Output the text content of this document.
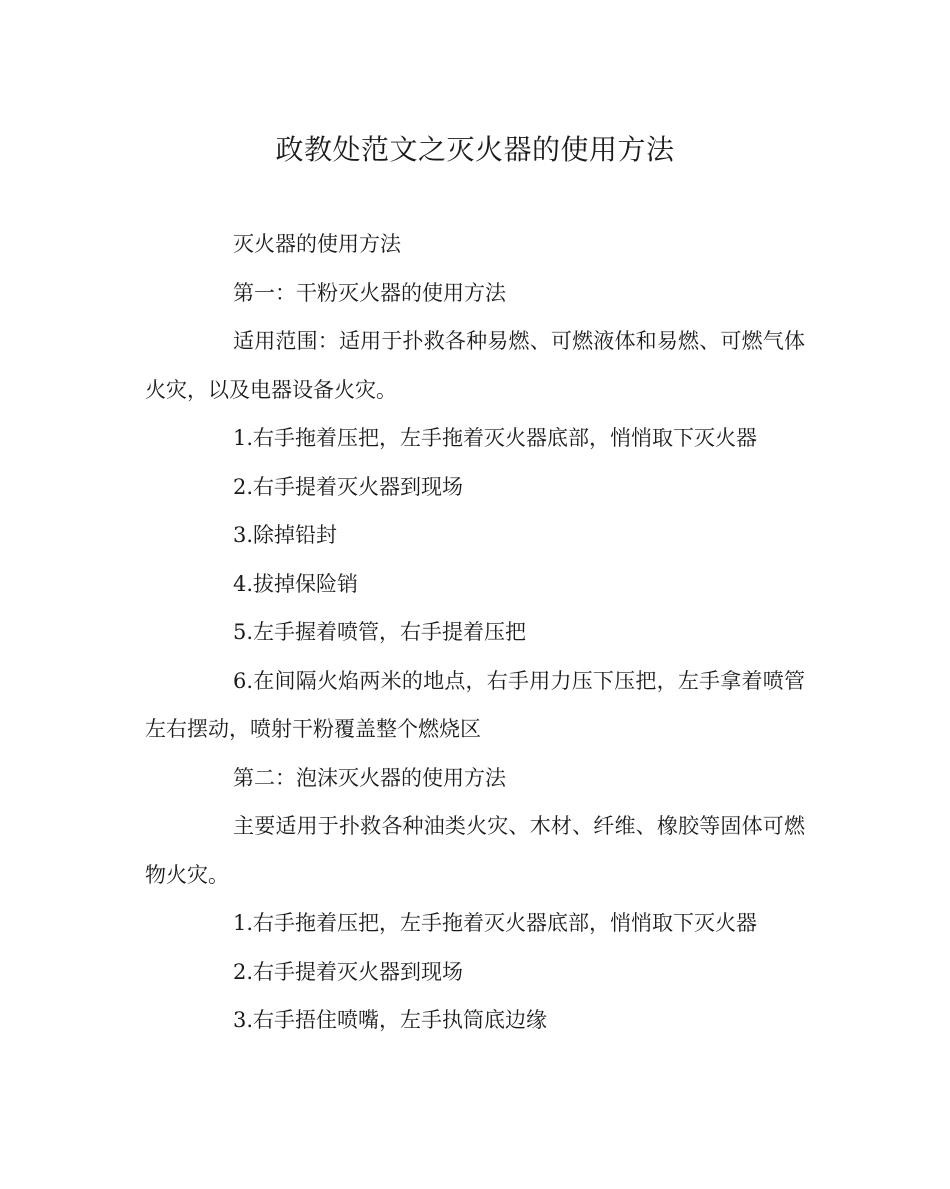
政教处范文之灭火器的使用方法

灭火器的使用方法

第一：干粉灭火器的使用方法

适用范围：适用于扑救各种易燃、可燃液体和易燃、可燃气体火灾，以及电器设备火灾。

1.右手拖着压把，左手拖着灭火器底部，悄悄取下灭火器

2.右手提着灭火器到现场

3.除掉铅封

4.拔掉保险销

5.左手握着喷管，右手提着压把

6.在间隔火焰两米的地点，右手用力压下压把，左手拿着喷管左右摆动，喷射干粉覆盖整个燃烧区

第二：泡沫灭火器的使用方法

主要适用于扑救各种油类火灾、木材、纤维、橡胶等固体可燃物火灾。

1.右手拖着压把，左手拖着灭火器底部，悄悄取下灭火器

2.右手提着灭火器到现场

3.右手捂住喷嘴，左手执筒底边缘
